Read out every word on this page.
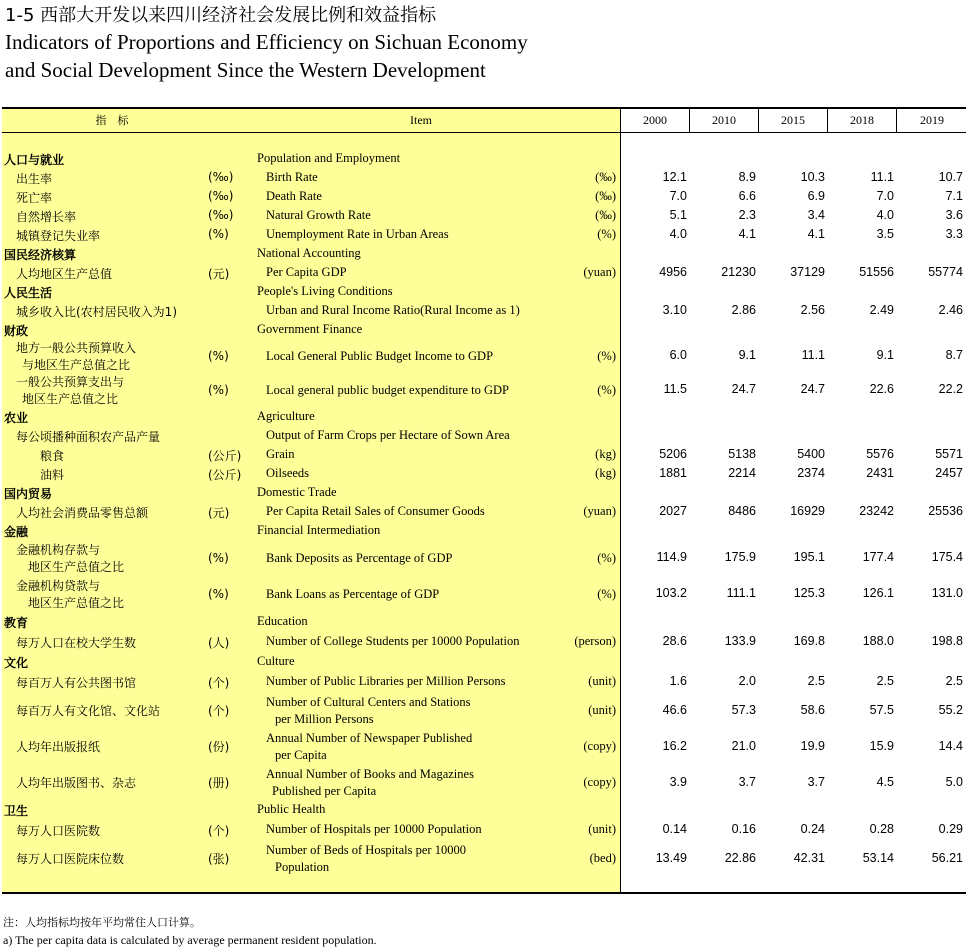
1-5 西部大开发以来四川经济社会发展比例和效益指标
Indicators of Proportions and Efficiency on Sichuan Economy
and Social Development Since the Western Development
指　标	Item	2000	2010	2015	2018	2019
人口与就业	Population and Employment
出生率	(‰)	Birth Rate	(‰)	12.1	8.9	10.3	11.1	10.7
死亡率	(‰)	Death Rate	(‰)	7.0	6.6	6.9	7.0	7.1
自然增长率	(‰)	Natural Growth Rate	(‰)	5.1	2.3	3.4	4.0	3.6
城镇登记失业率	(%)	Unemployment Rate in Urban Areas	(%)	4.0	4.1	4.1	3.5	3.3
国民经济核算	National Accounting
人均地区生产总值	(元)	Per Capita GDP	(yuan)	4956	21230	37129	51556	55774
人民生活	People's Living Conditions
城乡收入比(农村居民收入为1)	Urban and Rural Income Ratio(Rural Income as 1)	3.10	2.86	2.56	2.49	2.46
财政	Government Finance
地方一般公共预算收入
与地区生产总值之比
(%)	Local General Public Budget Income to GDP	(%)	6.0	9.1	11.1	9.1	8.7
一般公共预算支出与
地区生产总值之比
(%)	Local general public budget expenditure to GDP	(%)	11.5	24.7	24.7	22.6	22.2
农业	Agriculture
每公顷播种面积农产品产量	Output of Farm Crops per Hectare of Sown Area
粮食	(公斤) Grain	(kg)	5206	5138	5400	5576	5571
油料	(公斤) Oilseeds	(kg)	1881	2214	2374	2431	2457
国内贸易	Domestic Trade
人均社会消费品零售总额	(元)	Per Capita Retail Sales of Consumer Goods	(yuan)	2027	8486	16929	23242	25536
金融	Financial Intermediation
金融机构存款与
地区生产总值之比
(%)	Bank Deposits as Percentage of GDP	(%)	114.9	175.9	195.1	177.4	175.4
金融机构贷款与
地区生产总值之比
(%)	Bank Loans as Percentage of GDP	(%)	103.2	111.1	125.3	126.1	131.0
教育	Education
每万人口在校大学生数	(人)	Number of College Students per 10000 Population	(person)	28.6	133.9	169.8	188.0	198.8
文化	Culture
每百万人有公共图书馆	(个)	Number of Public Libraries per Million Persons	(unit)	1.6	2.0	2.5	2.5	2.5
每百万人有文化馆、文化站	(个)
Number of Cultural Centers and Stations
per Million Persons
(unit)	46.6	57.3	58.6	57.5	55.2
人均年出版报纸	(份)
Annual Number of Newspaper Published
per Capita
(copy)	16.2	21.0	19.9	15.9	14.4
人均年出版图书、杂志	(册)
Annual Number of Books and Magazines
Published per Capita
(copy)	3.9	3.7	3.7	4.5	5.0
卫生	Public Health
每万人口医院数	(个)	Number of Hospitals per 10000 Population	(unit)	0.14	0.16	0.24	0.28	0.29
每万人口医院床位数	(张)
Number of Beds of Hospitals per 10000
Population
(bed)	13.49	22.86	42.31	53.14	56.21
注：人均指标均按年平均常住人口计算。
a) The per capita data is calculated by average permanent resident population.
